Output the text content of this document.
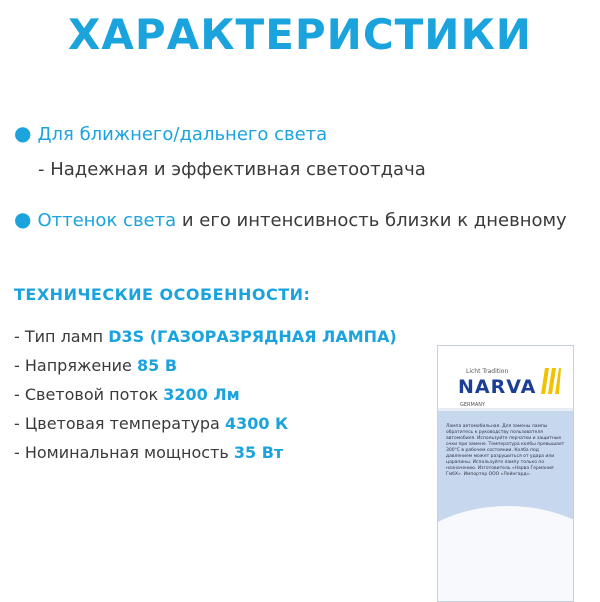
ХАРАКТЕРИСТИКИ
● Для ближнего/дальнего света
- Надежная и эффективная светоотдача
● Оттенок света и его интенсивность близки к дневному
ТЕХНИЧЕСКИЕ ОСОБЕННОСТИ:
- Тип ламп D3S (ГАЗОРАЗРЯДНАЯ ЛАМПА)
- Напряжение 85 В
- Световой поток 3200 Лм
- Цветовая температура 4300 К
- Номинальная мощность 35 Вт
Licht Tradition
NARVA
GERMANY
Лампа автомобильная. Для замены лампы обратитесь к руководству пользователя автомобиля. Используйте перчатки и защитные очки при замене. Температура колбы превышает 300°С в рабочем состоянии. Колба под давлением может разрушиться от удара или царапины. Используйте лампу только по назначению. Изготовитель «Нарва Германия ГмбХ». Импортер ООО «Лейнгард».
